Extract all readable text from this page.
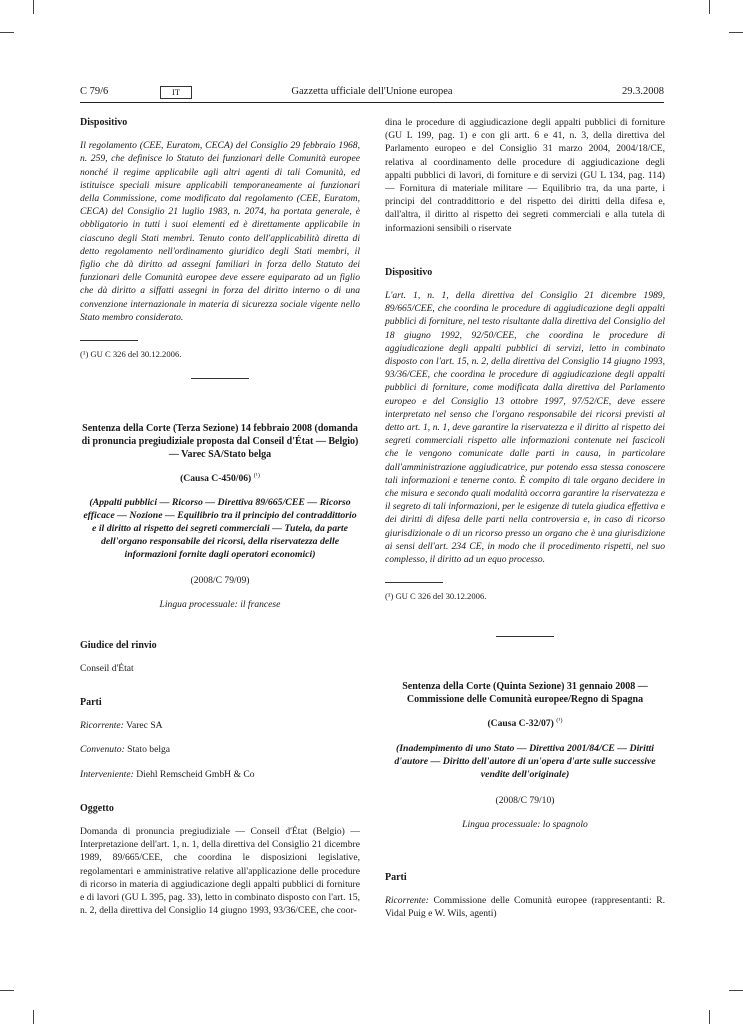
Gazzetta ufficiale dell'Unione europea
C 79/6	IT	29.3.2008

Dispositivo

Il regolamento (CEE, Euratom, CECA) del Consiglio 29 febbraio 1968, n. 259, che definisce lo Statuto dei funzionari delle Comunità europee nonché il regime applicabile agli altri agenti di tali Comunità, ed istituisce speciali misure applicabili temporaneamente ai funzionari della Commissione, come modificato dal regolamento (CEE, Euratom, CECA) del Consiglio 21 luglio 1983, n. 2074, ha portata generale, è obbligatorio in tutti i suoi elementi ed è direttamente applicabile in ciascuno degli Stati membri. Tenuto conto dell'applicabilità diretta di detto regolamento nell'ordinamento giuridico degli Stati membri, il figlio che dà diritto ad assegni familiari in forza dello Statuto dei funzionari delle Comunità europee deve essere equiparato ad un figlio che dà diritto a siffatti assegni in forza del diritto interno o di una convenzione internazionale in materia di sicurezza sociale vigente nello Stato membro considerato.

(¹) GU C 326 del 30.12.2006.

Sentenza della Corte (Terza Sezione) 14 febbraio 2008 (domanda di pronuncia pregiudiziale proposta dal Conseil d'État — Belgio) — Varec SA/Stato belga

(Causa C-450/06) $^{(^1)}$

(Appalti pubblici — Ricorso — Direttiva 89/665/CEE — Ricorso efficace — Nozione — Equilibrio tra il principio del contraddittorio e il diritto al rispetto dei segreti commerciali — Tutela, da parte dell'organo responsabile dei ricorsi, della riservatezza delle informazioni fornite dagli operatori economici)

(2008/C 79/09)

Lingua processuale: il francese

Giudice del rinvio

Conseil d'État

Parti

Ricorrente: Varec SA

Convenuto: Stato belga

Interveniente: Diehl Remscheid GmbH & Co

Oggetto

Domanda di pronuncia pregiudiziale — Conseil d'État (Belgio) — Interpretazione dell'art. 1, n. 1, della direttiva del Consiglio 21 dicembre 1989, 89/665/CEE, che coordina le disposizioni legislative, regolamentari e amministrative relative all'applicazione delle procedure di ricorso in materia di aggiudicazione degli appalti pubblici di forniture e di lavori (GU L 395, pag. 33), letto in combinato disposto con l'art. 15, n. 2, della direttiva del Consiglio 14 giugno 1993, 93/36/CEE, che coor-

dina le procedure di aggiudicazione degli appalti pubblici di forniture (GU L 199, pag. 1) e con gli artt. 6 e 41, n. 3, della direttiva del Parlamento europeo e del Consiglio 31 marzo 2004, 2004/18/CE, relativa al coordinamento delle procedure di aggiudicazione degli appalti pubblici di lavori, di forniture e di servizi (GU L 134, pag. 114) — Fornitura di materiale militare — Equilibrio tra, da una parte, i principi del contraddittorio e del rispetto dei diritti della difesa e, dall'altra, il diritto al rispetto dei segreti commerciali e alla tutela di informazioni sensibili o riservate

Dispositivo

L'art. 1, n. 1, della direttiva del Consiglio 21 dicembre 1989, 89/665/CEE, che coordina le procedure di aggiudicazione degli appalti pubblici di forniture, nel testo risultante dalla direttiva del Consiglio del 18 giugno 1992, 92/50/CEE, che coordina le procedure di aggiudicazione degli appalti pubblici di servizi, letto in combinato disposto con l'art. 15, n. 2, della direttiva del Consiglio 14 giugno 1993, 93/36/CEE, che coordina le procedure di aggiudicazione degli appalti pubblici di forniture, come modificata dalla direttiva del Parlamento europeo e del Consiglio 13 ottobre 1997, 97/52/CE, deve essere interpretato nel senso che l'organo responsabile dei ricorsi previsti al detto art. 1, n. 1, deve garantire la riservatezza e il diritto al rispetto dei segreti commerciali rispetto alle informazioni contenute nei fascicoli che le vengono comunicate dalle parti in causa, in particolare dall'amministrazione aggiudicatrice, pur potendo essa stessa conoscere tali informazioni e tenerne conto. È compito di tale organo decidere in che misura e secondo quali modalità occorra garantire la riservatezza e il segreto di tali informazioni, per le esigenze di tutela giudica effettiva e dei diritti di difesa delle parti nella controversia e, in caso di ricorso giurisdizionale o di un ricorso presso un organo che è una giurisdizione ai sensi dell'art. 234 CE, in modo che il procedimento rispetti, nel suo complesso, il diritto ad un equo processo.

(¹) GU C 326 del 30.12.2006.

Sentenza della Corte (Quinta Sezione) 31 gennaio 2008 — Commissione delle Comunità europee/Regno di Spagna

(Causa C-32/07) $^{(^1)}$

(Inadempimento di uno Stato — Direttiva 2001/84/CE — Diritti d'autore — Diritto dell'autore di un'opera d'arte sulle successive vendite dell'originale)

(2008/C 79/10)

Lingua processuale: lo spagnolo

Parti

Ricorrente: Commissione delle Comunità europee (rappresentanti: R. Vidal Puig e W. Wils, agenti)
